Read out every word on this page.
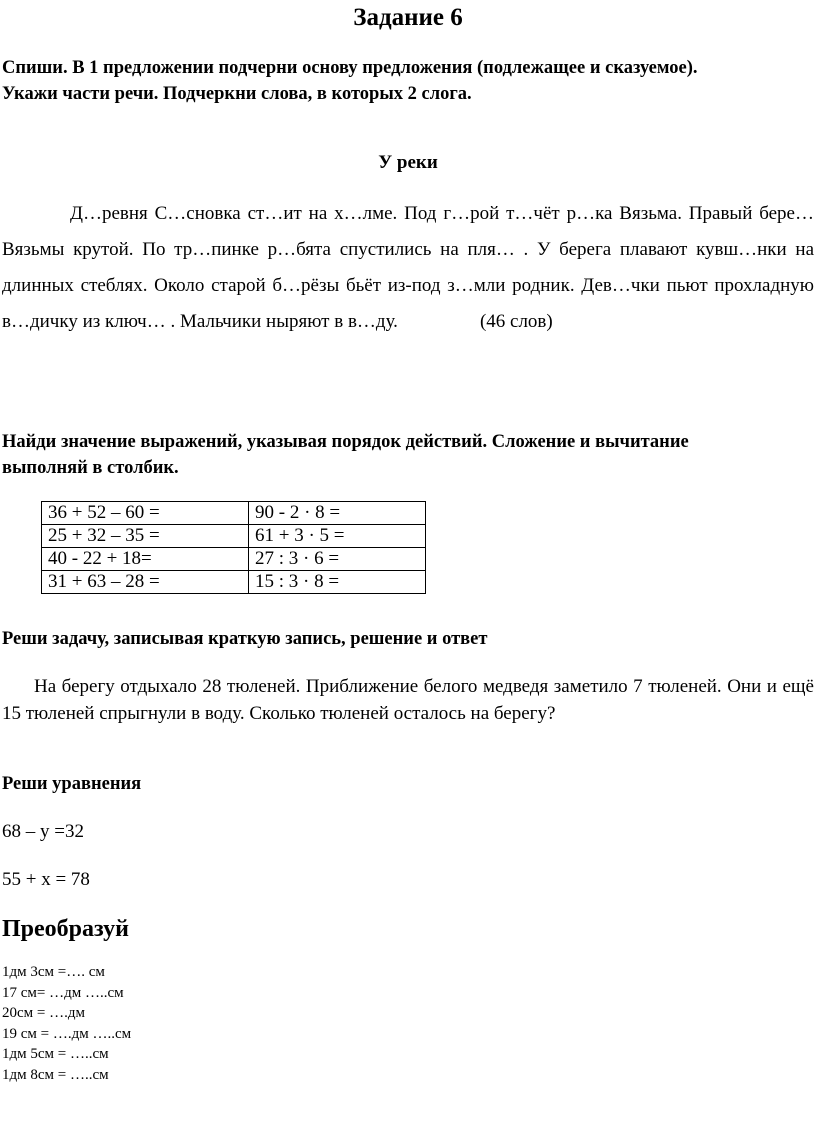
Задание 6
Спиши. В 1 предложении подчерни основу предложения (подлежащее и сказуемое).
Укажи части речи. Подчеркни слова, в которых 2 слога.
У реки

Д…ревня С…сновка ст…ит на х…лме. Под г…рой т…чёт р…ка Вязьма. Правый бере… Вязьмы крутой. По тр…пинке р…бята спустились на пля… . У берега плавают кувш…нки на длинных стеблях. Около старой б…рёзы бьёт из-под з…мли родник. Дев…чки пьют прохладную в…дичку из ключ… . Мальчики ныряют в в…ду.	(46 слов)

Найди значение выражений, указывая порядок действий. Сложение и вычитание
выполняй в столбик.
36 + 52 – 60 =	90 - 2 · 8 =
25 + 32 – 35 =	61 + 3 · 5 =
40 - 22 + 18=	27 : 3 · 6 =
31 + 63 – 28 =	15 : 3 · 8 =
Реши задачу, записывая краткую запись, решение и ответ

На берегу отдыхало 28 тюленей. Приближение белого медведя заметило 7 тюленей. Они и ещё 15 тюленей спрыгнули в воду. Сколько тюленей осталось на берегу?

Реши уравнения
68 – у =32
55 + х = 78
Преобразуй
1дм 3см =…. см
17 см= …дм …..см
20см = ….дм
19 см = ….дм …..см
1дм 5см = …..см
1дм 8см = …..см
